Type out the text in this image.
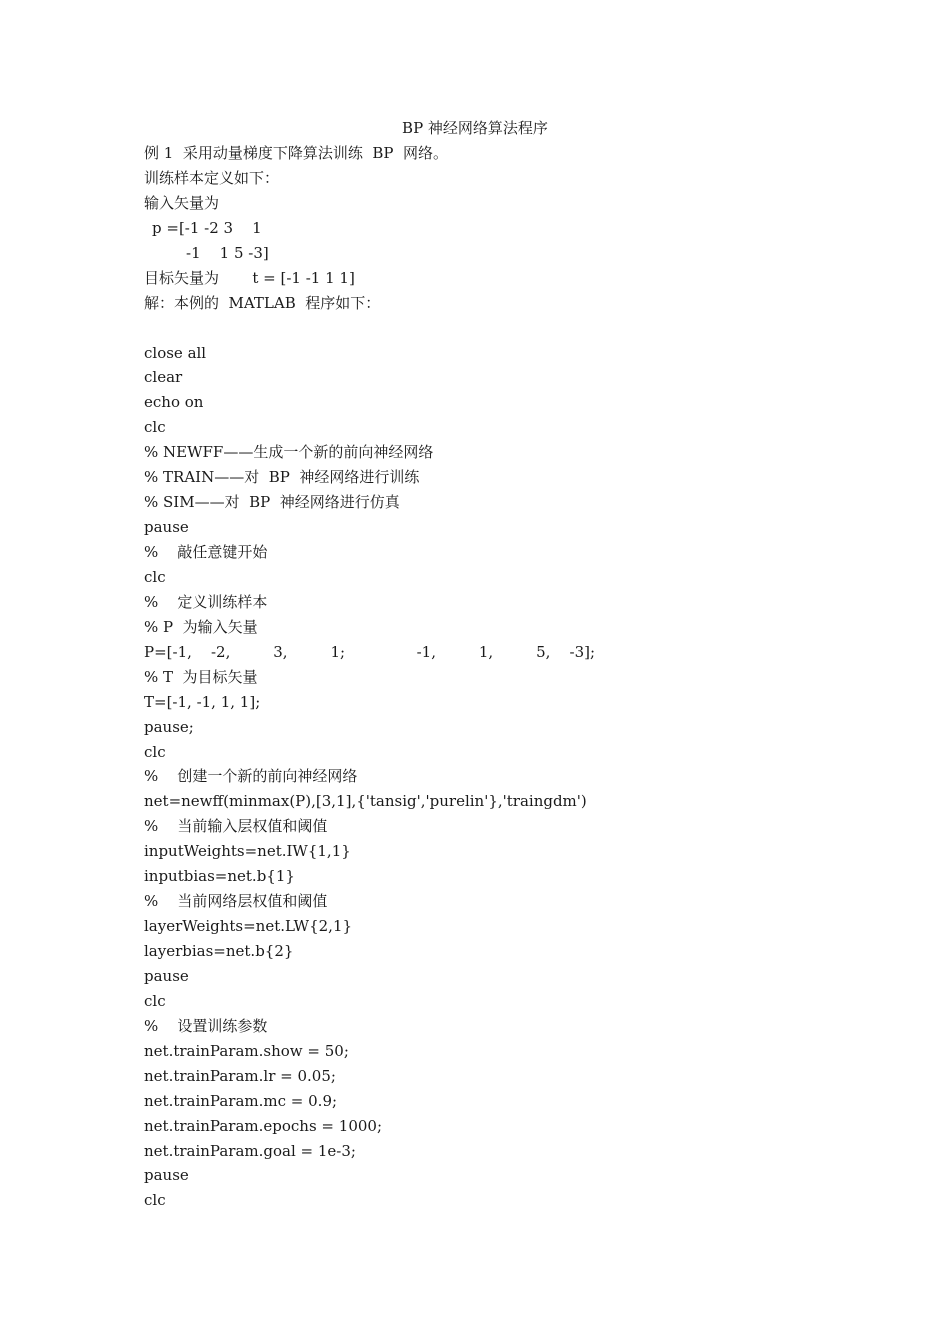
BP 神经网络算法程序
例 1  采用动量梯度下降算法训练  BP  网络。
训练样本定义如下：
输入矢量为
p =[-1 -2 3    1
-1    1 5 -3]
目标矢量为       t = [-1 -1 1 1]
解：本例的  MATLAB  程序如下：
close all
clear
echo on
clc
% NEWFF——生成一个新的前向神经网络
% TRAIN——对  BP  神经网络进行训练
% SIM——对  BP  神经网络进行仿真
pause
%    敲任意键开始
clc
%    定义训练样本
% P  为输入矢量
P=[-1,    -2,         3,         1;               -1,         1,         5,    -3];
% T  为目标矢量
T=[-1, -1, 1, 1];
pause;
clc
%    创建一个新的前向神经网络
net=newff(minmax(P),[3,1],{'tansig','purelin'},'traingdm')
%    当前输入层权值和阈值
inputWeights=net.IW{1,1}
inputbias=net.b{1}
%    当前网络层权值和阈值
layerWeights=net.LW{2,1}
layerbias=net.b{2}
pause
clc
%    设置训练参数
net.trainParam.show = 50;
net.trainParam.lr = 0.05;
net.trainParam.mc = 0.9;
net.trainParam.epochs = 1000;
net.trainParam.goal = 1e-3;
pause
clc
